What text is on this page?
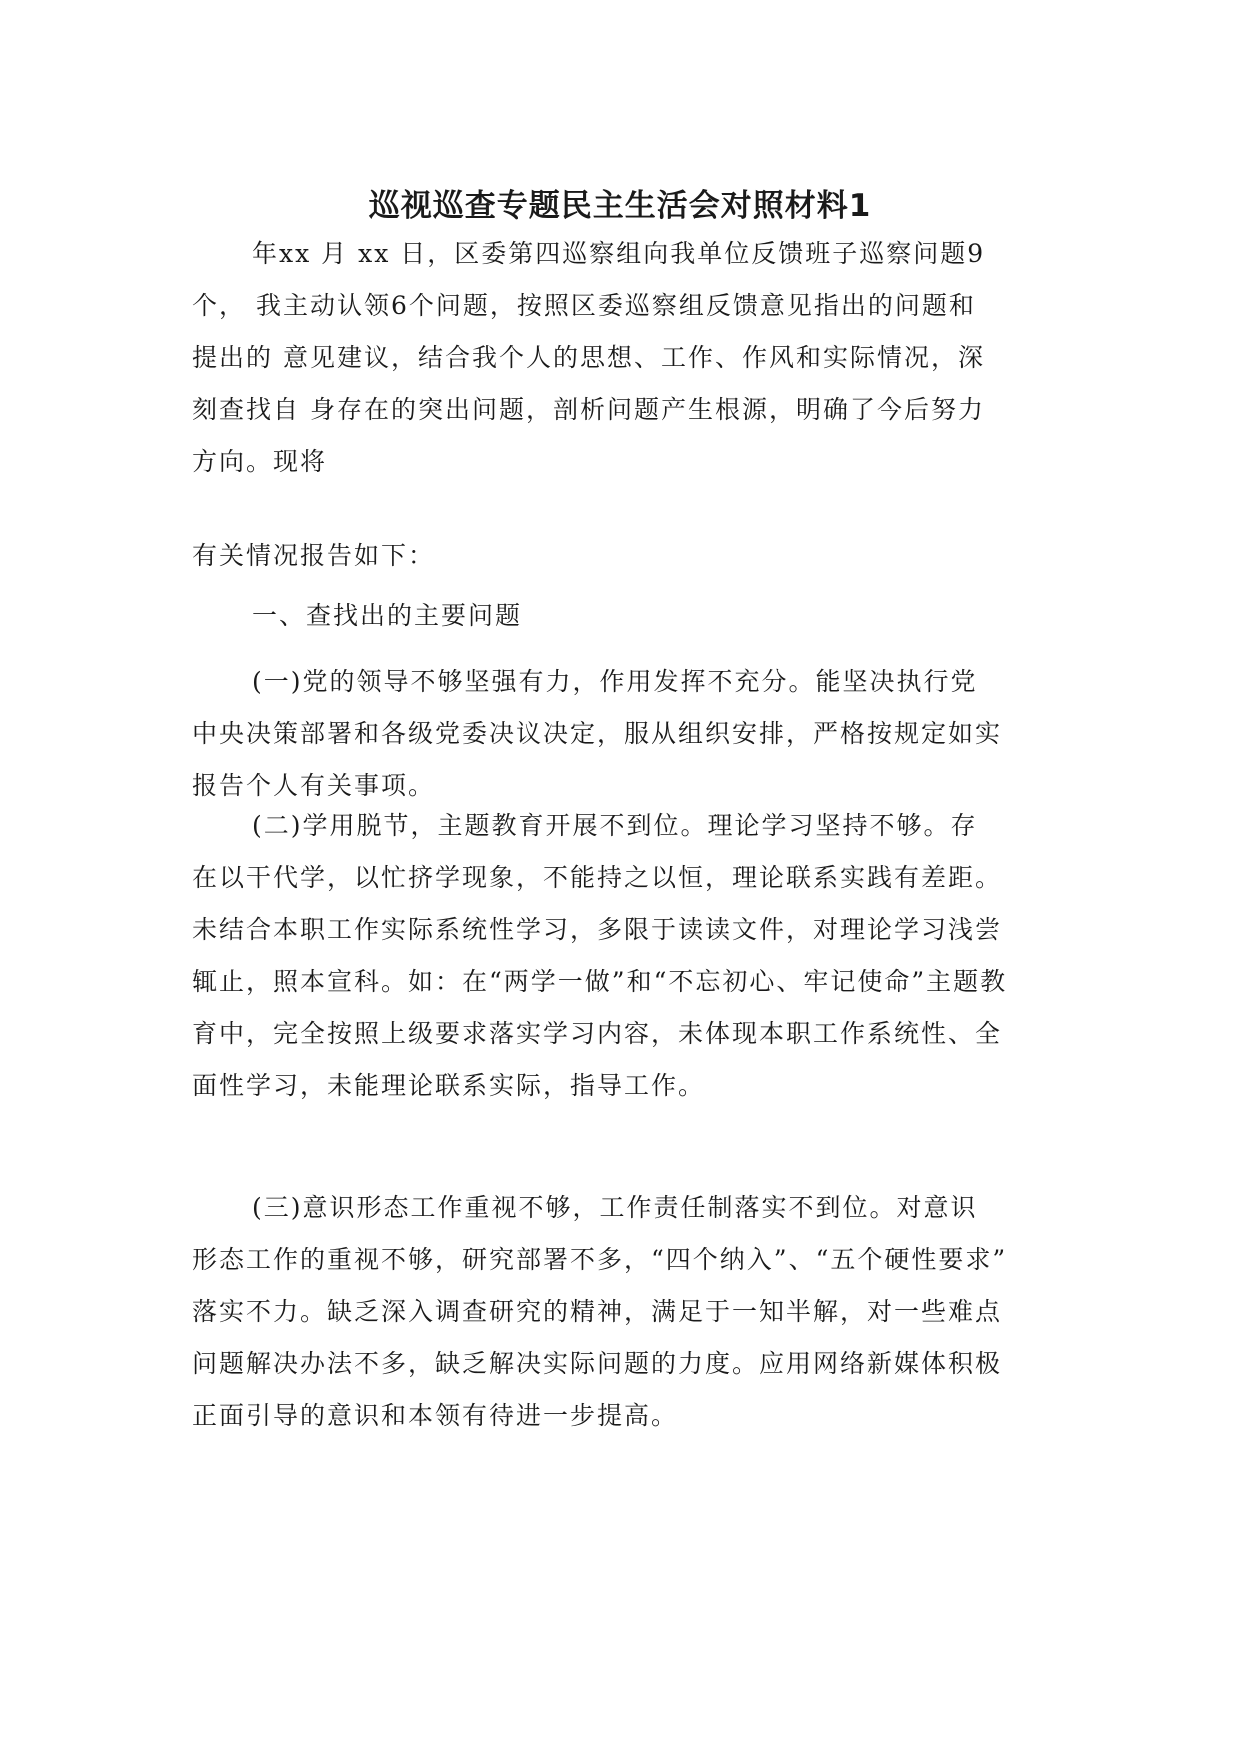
巡视巡查专题民主生活会对照材料1
年xx 月 xx 日，区委第四巡察组向我单位反馈班子巡察问题9
个， 我主动认领6个问题，按照区委巡察组反馈意见指出的问题和
提出的 意见建议，结合我个人的思想、工作、作风和实际情况，深
刻查找自 身存在的突出问题，剖析问题产生根源，明确了今后努力
方向。现将
有关情况报告如下：
一、查找出的主要问题
(一)党的领导不够坚强有力，作用发挥不充分。能坚决执行党
中央决策部署和各级党委决议决定，服从组织安排，严格按规定如实
报告个人有关事项。
(二)学用脱节，主题教育开展不到位。理论学习坚持不够。存
在以干代学，以忙挤学现象，不能持之以恒，理论联系实践有差距。
未结合本职工作实际系统性学习，多限于读读文件，对理论学习浅尝
辄止，照本宣科。如：在“两学一做”和“不忘初心、牢记使命”主题教
育中，完全按照上级要求落实学习内容，未体现本职工作系统性、全
面性学习，未能理论联系实际，指导工作。
(三)意识形态工作重视不够，工作责任制落实不到位。对意识
形态工作的重视不够，研究部署不多，“四个纳入”、“五个硬性要求”
落实不力。缺乏深入调查研究的精神，满足于一知半解，对一些难点
问题解决办法不多，缺乏解决实际问题的力度。应用网络新媒体积极
正面引导的意识和本领有待进一步提高。
